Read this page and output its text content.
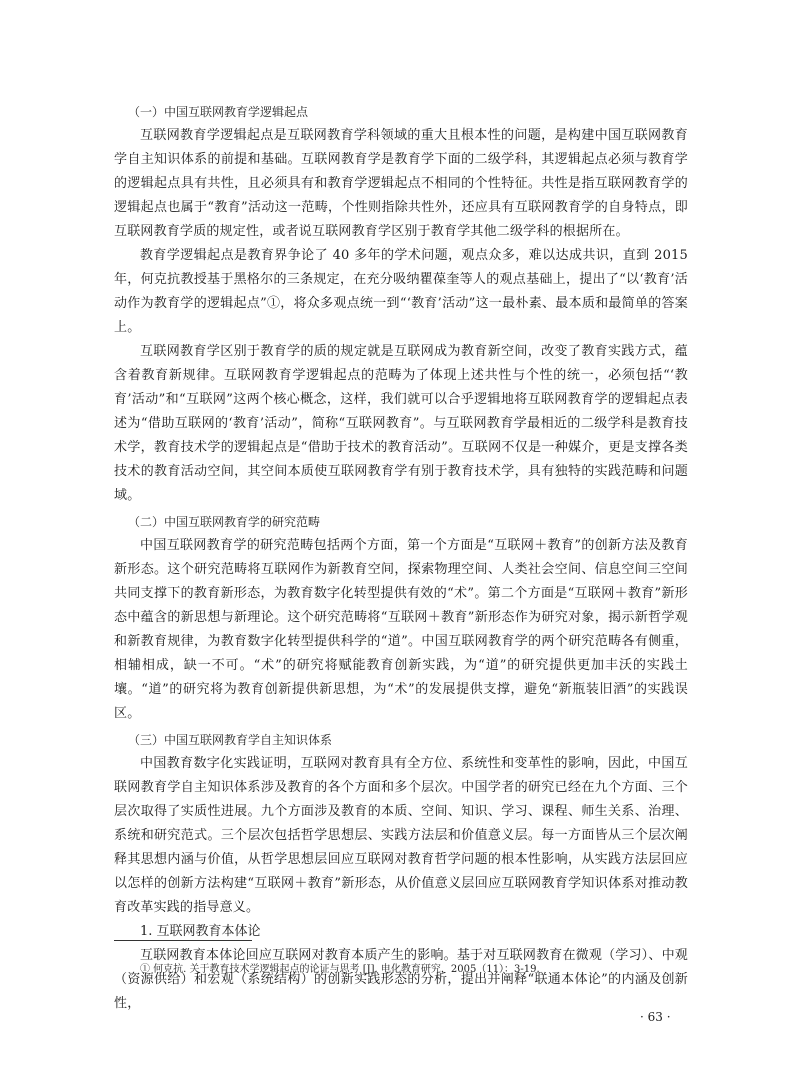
（一）中国互联网教育学逻辑起点

互联网教育学逻辑起点是互联网教育学科领域的重大且根本性的问题，是构建中国互联网教育学自主知识体系的前提和基础。互联网教育学是教育学下面的二级学科，其逻辑起点必须与教育学的逻辑起点具有共性，且必须具有和教育学逻辑起点不相同的个性特征。共性是指互联网教育学的逻辑起点也属于“教育”活动这一范畴，个性则指除共性外，还应具有互联网教育学的自身特点，即互联网教育学质的规定性，或者说互联网教育学区别于教育学其他二级学科的根据所在。

教育学逻辑起点是教育界争论了 40 多年的学术问题，观点众多，难以达成共识，直到 2015 年，何克抗教授基于黑格尔的三条规定，在充分吸纳瞿葆奎等人的观点基础上，提出了“以‘教育’活动作为教育学的逻辑起点”①，将众多观点统一到“‘教育’活动”这一最朴素、最本质和最简单的答案上。

互联网教育学区别于教育学的质的规定就是互联网成为教育新空间，改变了教育实践方式，蕴含着教育新规律。互联网教育学逻辑起点的范畴为了体现上述共性与个性的统一，必须包括“‘教育’活动”和“互联网”这两个核心概念，这样，我们就可以合乎逻辑地将互联网教育学的逻辑起点表述为“借助互联网的‘教育’活动”，简称“互联网教育”。与互联网教育学最相近的二级学科是教育技术学，教育技术学的逻辑起点是“借助于技术的教育活动”。互联网不仅是一种媒介，更是支撑各类技术的教育活动空间，其空间本质使互联网教育学有别于教育技术学，具有独特的实践范畴和问题域。

（二）中国互联网教育学的研究范畴

中国互联网教育学的研究范畴包括两个方面，第一个方面是“互联网＋教育”的创新方法及教育新形态。这个研究范畴将互联网作为新教育空间，探索物理空间、人类社会空间、信息空间三空间共同支撑下的教育新形态，为教育数字化转型提供有效的“术”。第二个方面是“互联网＋教育”新形态中蕴含的新思想与新理论。这个研究范畴将“互联网＋教育”新形态作为研究对象，揭示新哲学观和新教育规律，为教育数字化转型提供科学的“道”。中国互联网教育学的两个研究范畴各有侧重，相辅相成，缺一不可。“术”的研究将赋能教育创新实践，为“道”的研究提供更加丰沃的实践土壤。“道”的研究将为教育创新提供新思想，为“术”的发展提供支撑，避免“新瓶装旧酒”的实践误区。

（三）中国互联网教育学自主知识体系

中国教育数字化实践证明，互联网对教育具有全方位、系统性和变革性的影响，因此，中国互联网教育学自主知识体系涉及教育的各个方面和多个层次。中国学者的研究已经在九个方面、三个层次取得了实质性进展。九个方面涉及教育的本质、空间、知识、学习、课程、师生关系、治理、系统和研究范式。三个层次包括哲学思想层、实践方法层和价值意义层。每一方面皆从三个层次阐释其思想内涵与价值，从哲学思想层回应互联网对教育哲学问题的根本性影响，从实践方法层回应以怎样的创新方法构建“互联网＋教育”新形态，从价值意义层回应互联网教育学知识体系对推动教育改革实践的指导意义。

1. 互联网教育本体论

互联网教育本体论回应互联网对教育本质产生的影响。基于对互联网教育在微观（学习）、中观（资源供给）和宏观（系统结构）的创新实践形态的分析，提出并阐释“联通本体论”的内涵及创新性，

① 何克抗. 关于教育技术学逻辑起点的论证与思考 [J]. 电化教育研究，2005（11）：3-19.
· 63 ·
